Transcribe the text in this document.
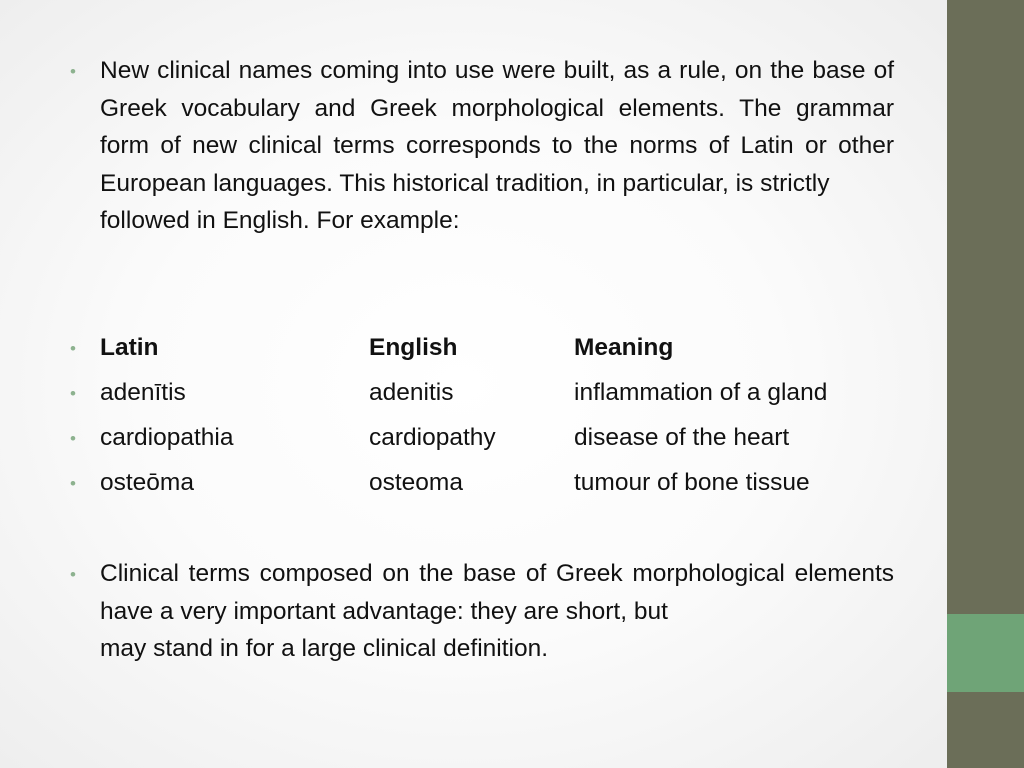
• New clinical names coming into use were built, as a rule, on the base of Greek vocabulary and Greek morphological elements. The grammar form of new clinical terms corresponds to the norms of Latin or other European languages. This historical tradition, in particular, is strictly
followed in English. For example:
• Latin	English	Meaning
• adenītis	adenitis	inflammation of a gland
• cardiopathia	cardiopathy	disease of the heart
• osteōma	osteoma	tumour of bone tissue
• Clinical terms composed on the base of Greek morphological elements have a very important advantage: they are short, but
may stand in for a large clinical definition.
